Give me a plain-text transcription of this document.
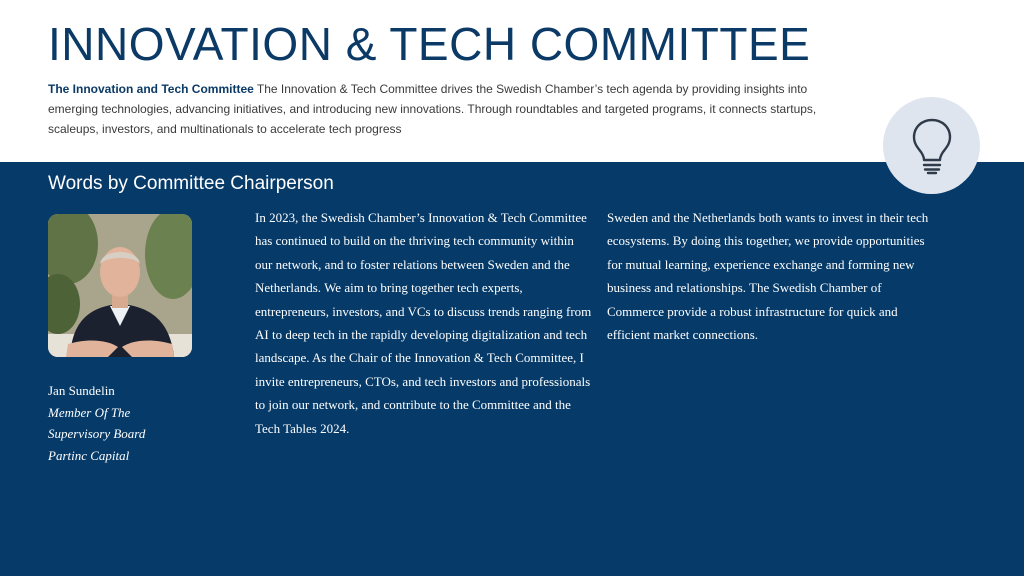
INNOVATION & TECH COMMITTEE

The Innovation and Tech Committee The Innovation & Tech Committee drives the Swedish Chamber’s tech agenda by providing insights into emerging technologies, advancing initiatives, and introducing new innovations. Through roundtables and targeted programs, it connects startups, scaleups, investors, and multinationals to accelerate tech progress

Words by Committee Chairperson

Jan Sundelin
Member Of The
Supervisory Board
Partinc Capital

In 2023, the Swedish Chamber’s Innovation & Tech Committee has continued to build on the thriving tech community within our network, and to foster relations between Sweden and the Netherlands. We aim to bring together tech experts, entrepreneurs, investors, and VCs to discuss trends ranging from AI to deep tech in the rapidly developing digitalization and tech landscape. As the Chair of the Innovation & Tech Committee, I invite entrepreneurs, CTOs, and tech investors and professionals to join our network, and contribute to the Committee and the Tech Tables 2024.

Sweden and the Netherlands both wants to invest in their tech ecosystems. By doing this together, we provide opportunities for mutual learning, experience exchange and forming new business and relationships. The Swedish Chamber of Commerce provide a robust infrastructure for quick and efficient market connections.
